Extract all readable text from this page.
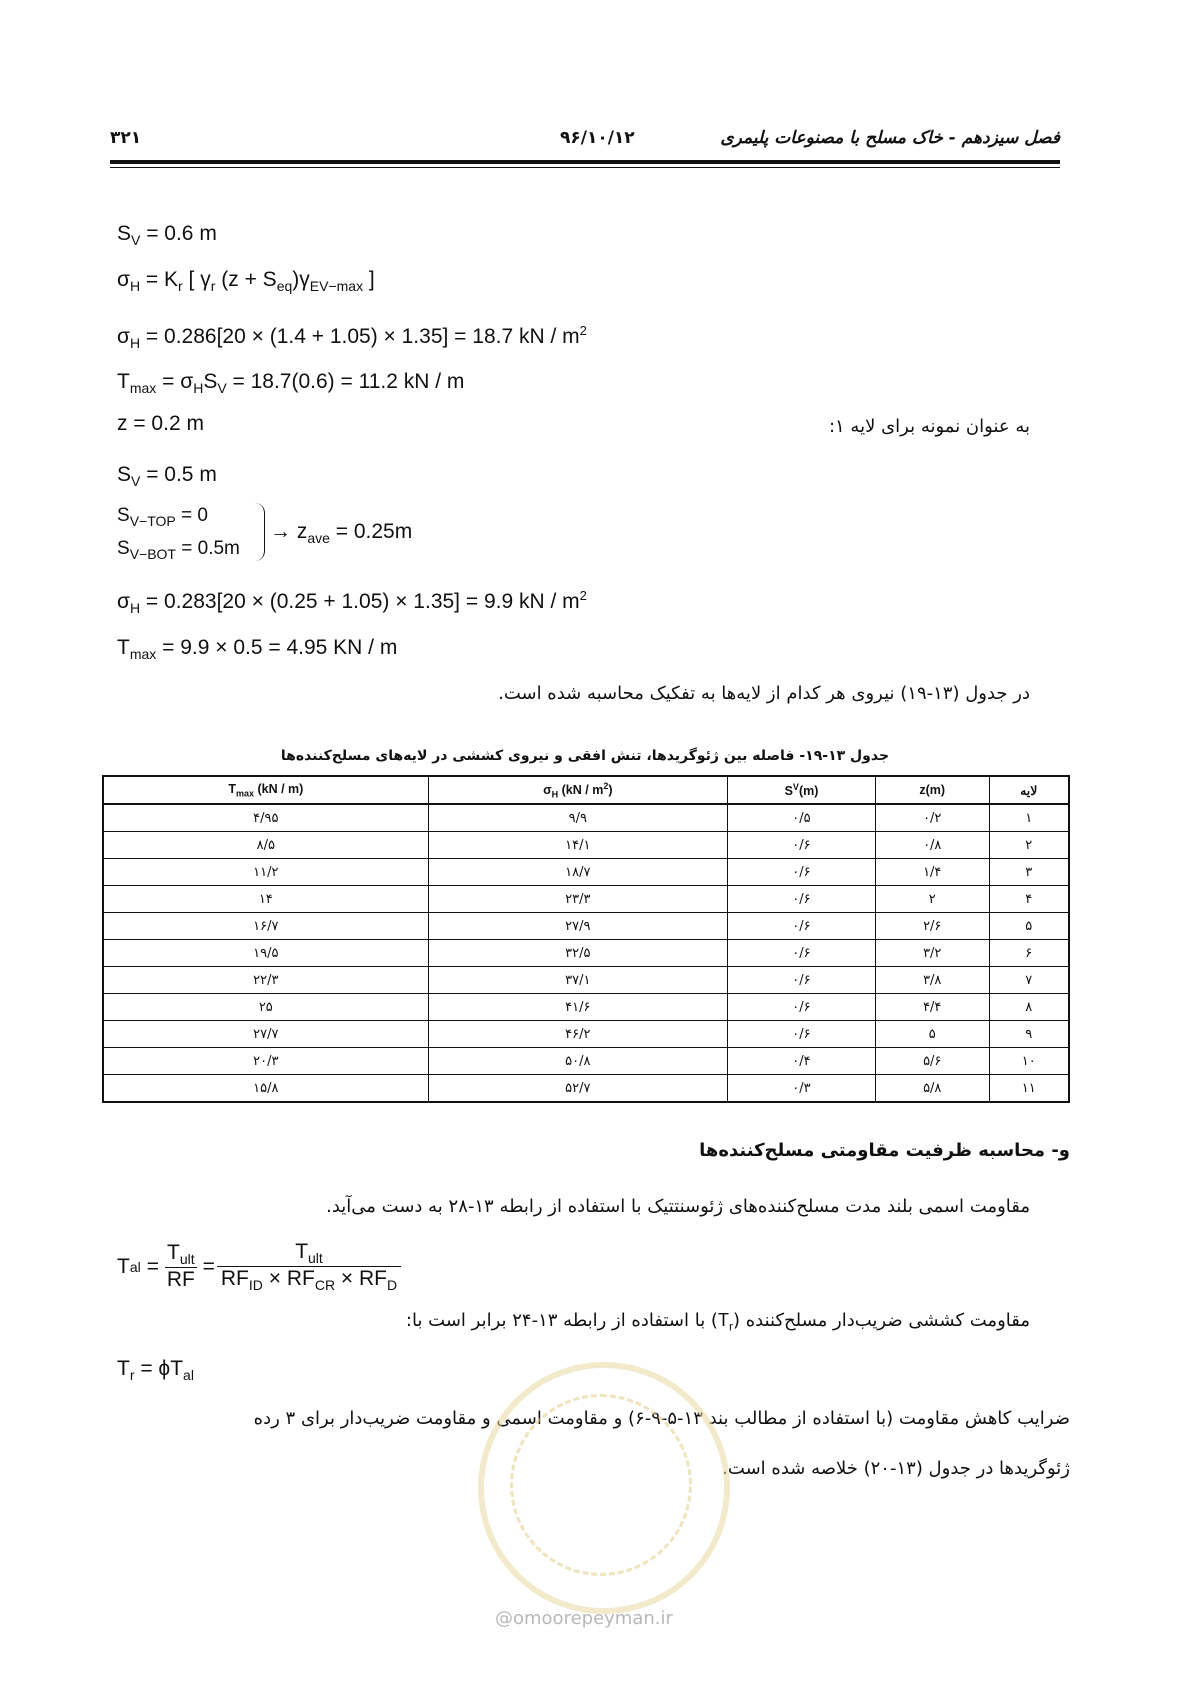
۳۲۱	۹۶/۱۰/۱۲	فصل سیزدهم - خاک مسلح با مصنوعات پلیمری
$S_V = 0.6$ m
$\sigma_H = K_r$ [ $\gamma_r$ $(z + S_{eq})\gamma_{EV-max}$ ]
$\sigma_H = 0.286[20 \times (1.4 + 1.05) \times 1.35] = 18.7$ kN / $m^2$
$T_{max} = \sigma_HS_V = 18.7(0.6) = 11.2$ kN / m
z = 0.2 m	به عنوان نمونه برای لایه ۱:
$S_V = 0.5$ m
$S_{V-TOP} = 0$
$S_{V-BOT} = 0.5m$
→ $z_{ave} = 0.25m$
$\sigma_H = 0.283[20 \times (0.25 + 1.05) \times 1.35] = 9.9$ kN / $m^2$
$T_{max} = 9.9 \times 0.5 = 4.95$ KN / m
در جدول (۱۳-۱۹) نیروی هر کدام از لایه‌ها به تفکیک محاسبه شده است.
جدول ۱۳-۱۹- فاصله بین ژئوگریدها، تنش افقی و نیروی کششی در لایه‌های مسلح‌کننده‌ها
لایه	z(m)	$S^V(m)$	$\sigma_H$ $(kN / m^2)$	$T_{max}$ (kN / m)
۱	۰/۲	۰/۵	۹/۹	۴/۹۵
۲	۰/۸	۰/۶	۱۴/۱	۸/۵
۳	۱/۴	۰/۶	۱۸/۷	۱۱/۲
۴	۲	۰/۶	۲۳/۳	۱۴
۵	۲/۶	۰/۶	۲۷/۹	۱۶/۷
۶	۳/۲	۰/۶	۳۲/۵	۱۹/۵
۷	۳/۸	۰/۶	۳۷/۱	۲۲/۳
۸	۴/۴	۰/۶	۴۱/۶	۲۵
۹	۵	۰/۶	۴۶/۲	۲۷/۷
۱۰	۵/۶	۰/۴	۵۰/۸	۲۰/۳
۱۱	۵/۸	۰/۳	۵۲/۷	۱۵/۸
و- محاسبه ظرفیت مقاومتی مسلح‌کننده‌ها
مقاومت اسمی بلند مدت مسلح‌کننده‌های ژئوسنتتیک با استفاده از رابطه ۱۳-۲۸ به دست می‌آید.
T al =
$T_{ult}$
RF
=
$T_{ult}$
$RF_{ID} \times RF_{CR} \times RF_D$
مقاومت کششی ضریب‌دار مسلح‌کننده $(T_r)$ با استفاده از رابطه ۱۳-۲۴ برابر است با:
$T_r = \phi T_{al}$
ضرایب کاهش مقاومت (با استفاده از مطالب بند ۱۳-۵-۹-۶) و مقاومت اسمی و مقاومت ضریب‌دار برای ۳ رده
ژئوگریدها در جدول (۱۳-۲۰) خلاصه شده است.
@omoorepeyman.ir
